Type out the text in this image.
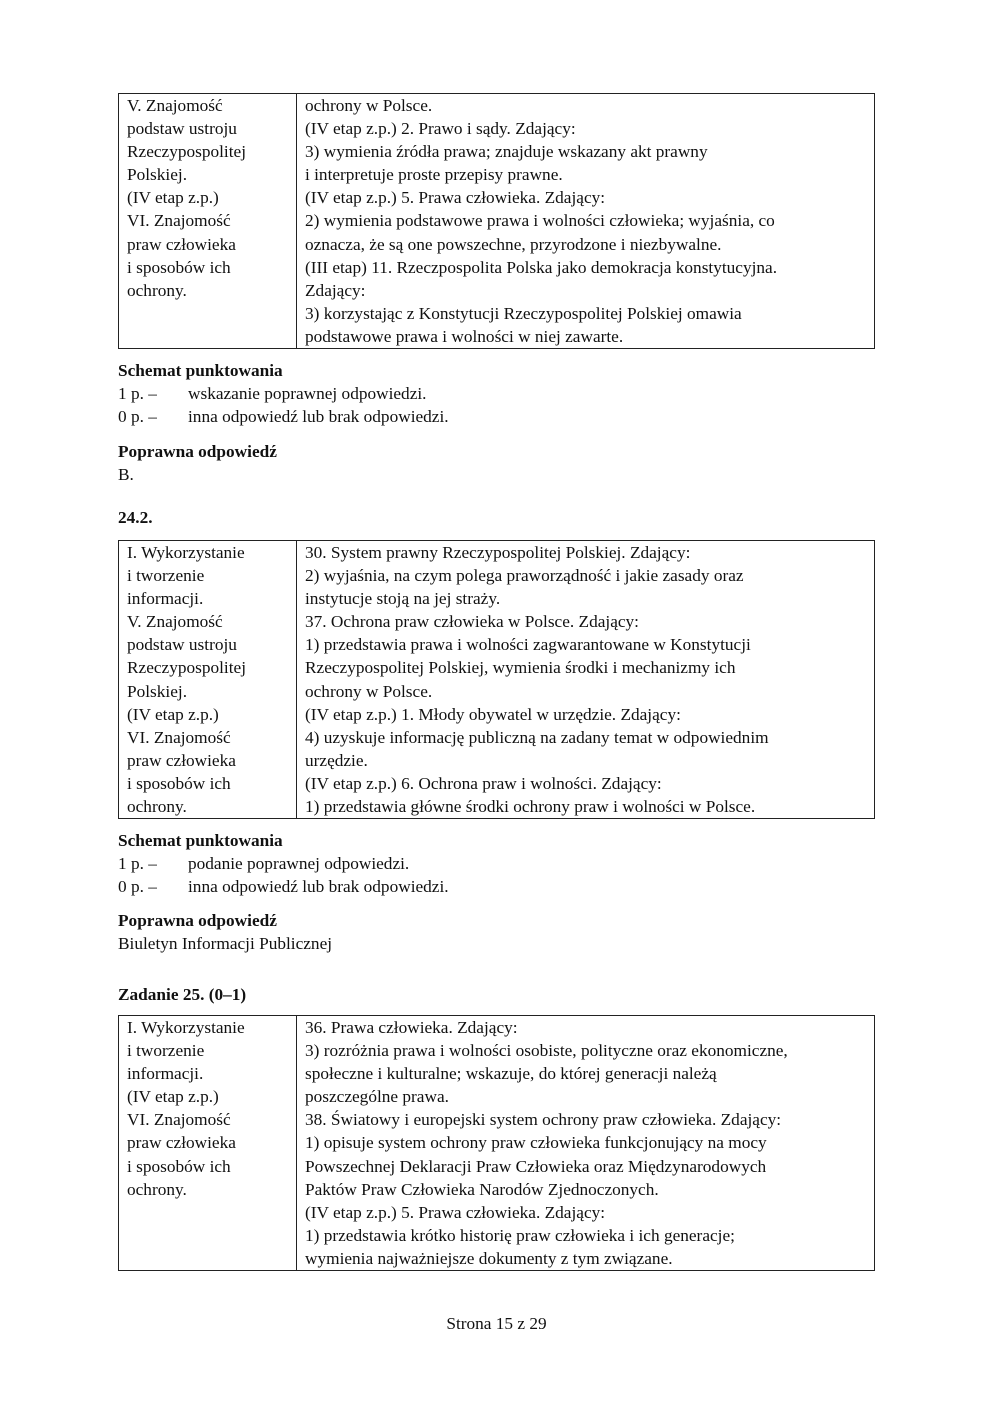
V. Znajomość
podstaw ustroju
Rzeczypospolitej
Polskiej.
(IV etap z.p.)
VI. Znajomość
praw człowieka
i sposobów ich
ochrony.

ochrony w Polsce.
(IV etap z.p.) 2. Prawo i sądy. Zdający:
3) wymienia źródła prawa; znajduje wskazany akt prawny
i interpretuje proste przepisy prawne.
(IV etap z.p.) 5. Prawa człowieka. Zdający:
2) wymienia podstawowe prawa i wolności człowieka; wyjaśnia, co
oznacza, że są one powszechne, przyrodzone i niezbywalne.
(III etap) 11. Rzeczpospolita Polska jako demokracja konstytucyjna.
Zdający:
3) korzystając z Konstytucji Rzeczypospolitej Polskiej omawia
podstawowe prawa i wolności w niej zawarte.
Schemat punktowania
1 p. –	wskazanie poprawnej odpowiedzi.
0 p. –	inna odpowiedź lub brak odpowiedzi.
Poprawna odpowiedź
B.
24.2.
I. Wykorzystanie
i tworzenie
informacji.
V. Znajomość
podstaw ustroju
Rzeczypospolitej
Polskiej.
(IV etap z.p.)
VI. Znajomość
praw człowieka
i sposobów ich
ochrony.

30. System prawny Rzeczypospolitej Polskiej. Zdający:
2) wyjaśnia, na czym polega praworządność i jakie zasady oraz
instytucje stoją na jej straży.
37. Ochrona praw człowieka w Polsce. Zdający:
1) przedstawia prawa i wolności zagwarantowane w Konstytucji
Rzeczypospolitej Polskiej, wymienia środki i mechanizmy ich
ochrony w Polsce.
(IV etap z.p.) 1. Młody obywatel w urzędzie. Zdający:
4) uzyskuje informację publiczną na zadany temat w odpowiednim
urzędzie.
(IV etap z.p.) 6. Ochrona praw i wolności. Zdający:
1) przedstawia główne środki ochrony praw i wolności w Polsce.
Schemat punktowania
1 p. –	podanie poprawnej odpowiedzi.
0 p. –	inna odpowiedź lub brak odpowiedzi.
Poprawna odpowiedź
Biuletyn Informacji Publicznej
Zadanie 25. (0–1)
I. Wykorzystanie
i tworzenie
informacji.
(IV etap z.p.)
VI. Znajomość
praw człowieka
i sposobów ich
ochrony.

36. Prawa człowieka. Zdający:
3) rozróżnia prawa i wolności osobiste, polityczne oraz ekonomiczne,
społeczne i kulturalne; wskazuje, do której generacji należą
poszczególne prawa.
38. Światowy i europejski system ochrony praw człowieka. Zdający:
1) opisuje system ochrony praw człowieka funkcjonujący na mocy
Powszechnej Deklaracji Praw Człowieka oraz Międzynarodowych
Paktów Praw Człowieka Narodów Zjednoczonych.
(IV etap z.p.) 5. Prawa człowieka. Zdający:
1) przedstawia krótko historię praw człowieka i ich generacje;
wymienia najważniejsze dokumenty z tym związane.
Strona 15 z 29
